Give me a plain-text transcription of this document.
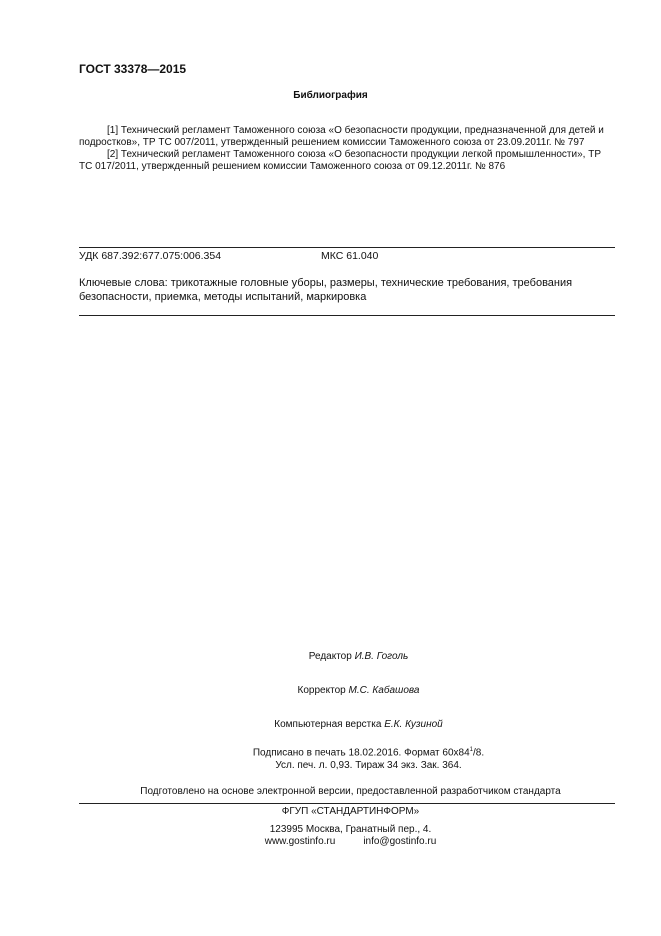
ГОСТ 33378—2015
Библиография
[1] Технический регламент Таможенного союза «О безопасности продукции, предназначенной для детей и
подростков», ТР ТС 007/2011, утвержденный решением комиссии Таможенного союза от 23.09.2011г. № 797
[2] Технический регламент Таможенного союза «О безопасности продукции легкой промышленности», ТР
ТС 017/2011, утвержденный решением комиссии Таможенного союза от 09.12.2011г. № 876
УДК 687.392:677.075:006.354	МКС 61.040
Ключевые слова: трикотажные головные уборы, размеры, технические требования, требования
безопасности, приемка, методы испытаний, маркировка
Редактор И.В. Гоголь
Корректор М.С. Кабашова
Компьютерная верстка Е.К. Кузиной
Подписано в печать 18.02.2016. Формат $60x84^1/8$.
Усл. печ. л. 0,93. Тираж 34 экз. Зак. 364.
Подготовлено на основе электронной версии, предоставленной разработчиком стандарта
ФГУП «СТАНДАРТИНФОРМ»
123995 Москва, Гранатный пер., 4.
www.gostinfo.ru	info@gostinfo.ru
